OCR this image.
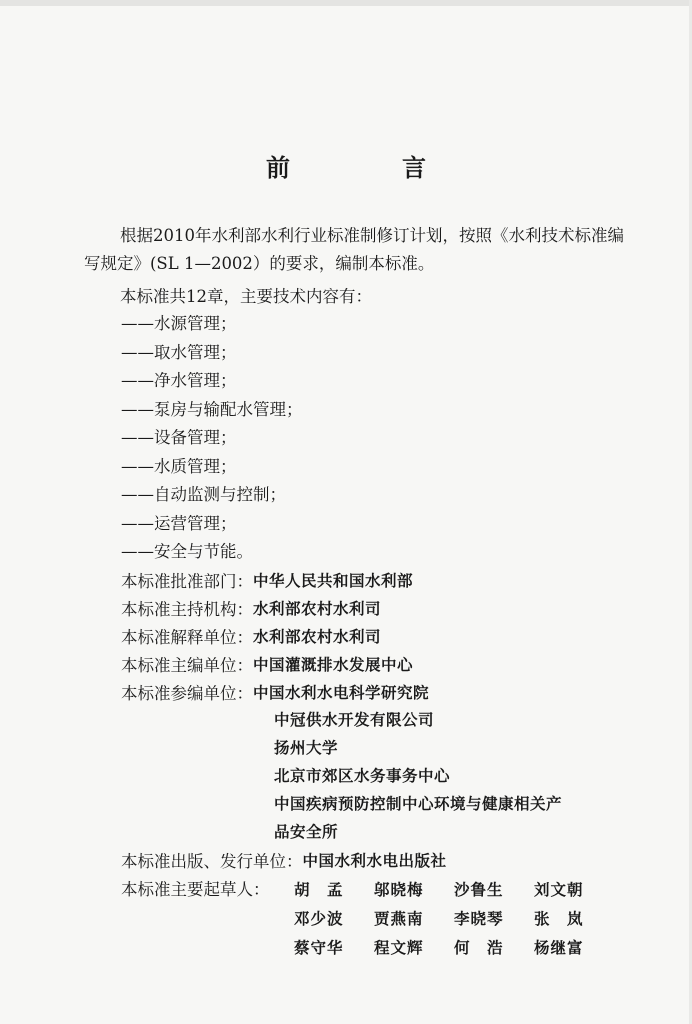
前　言
根据2010年水利部水利行业标准制修订计划，按照《水利技术标准编写规定》(SL 1—2002）的要求，编制本标准。
本标准共12章，主要技术内容有：
——水源管理；
——取水管理；
——净水管理；
——泵房与输配水管理；
——设备管理；
——水质管理；
——自动监测与控制；
——运营管理；
——安全与节能。
本标准批准部门： 中华人民共和国水利部
本标准主持机构： 水利部农村水利司
本标准解释单位： 水利部农村水利司
本标准主编单位： 中国灌溉排水发展中心
本标准参编单位： 中国水利水电科学研究院
中冠供水开发有限公司
扬州大学
北京市郊区水务事务中心
中国疾病预防控制中心环境与健康相关产
品安全所
本标准出版、发行单位： 中国水利水电出版社
本标准主要起草人： 胡　孟	邬晓梅	沙鲁生	刘文朝
邓少波	贾燕南	李晓琴	张　岚
蔡守华	程文辉	何　浩	杨继富
